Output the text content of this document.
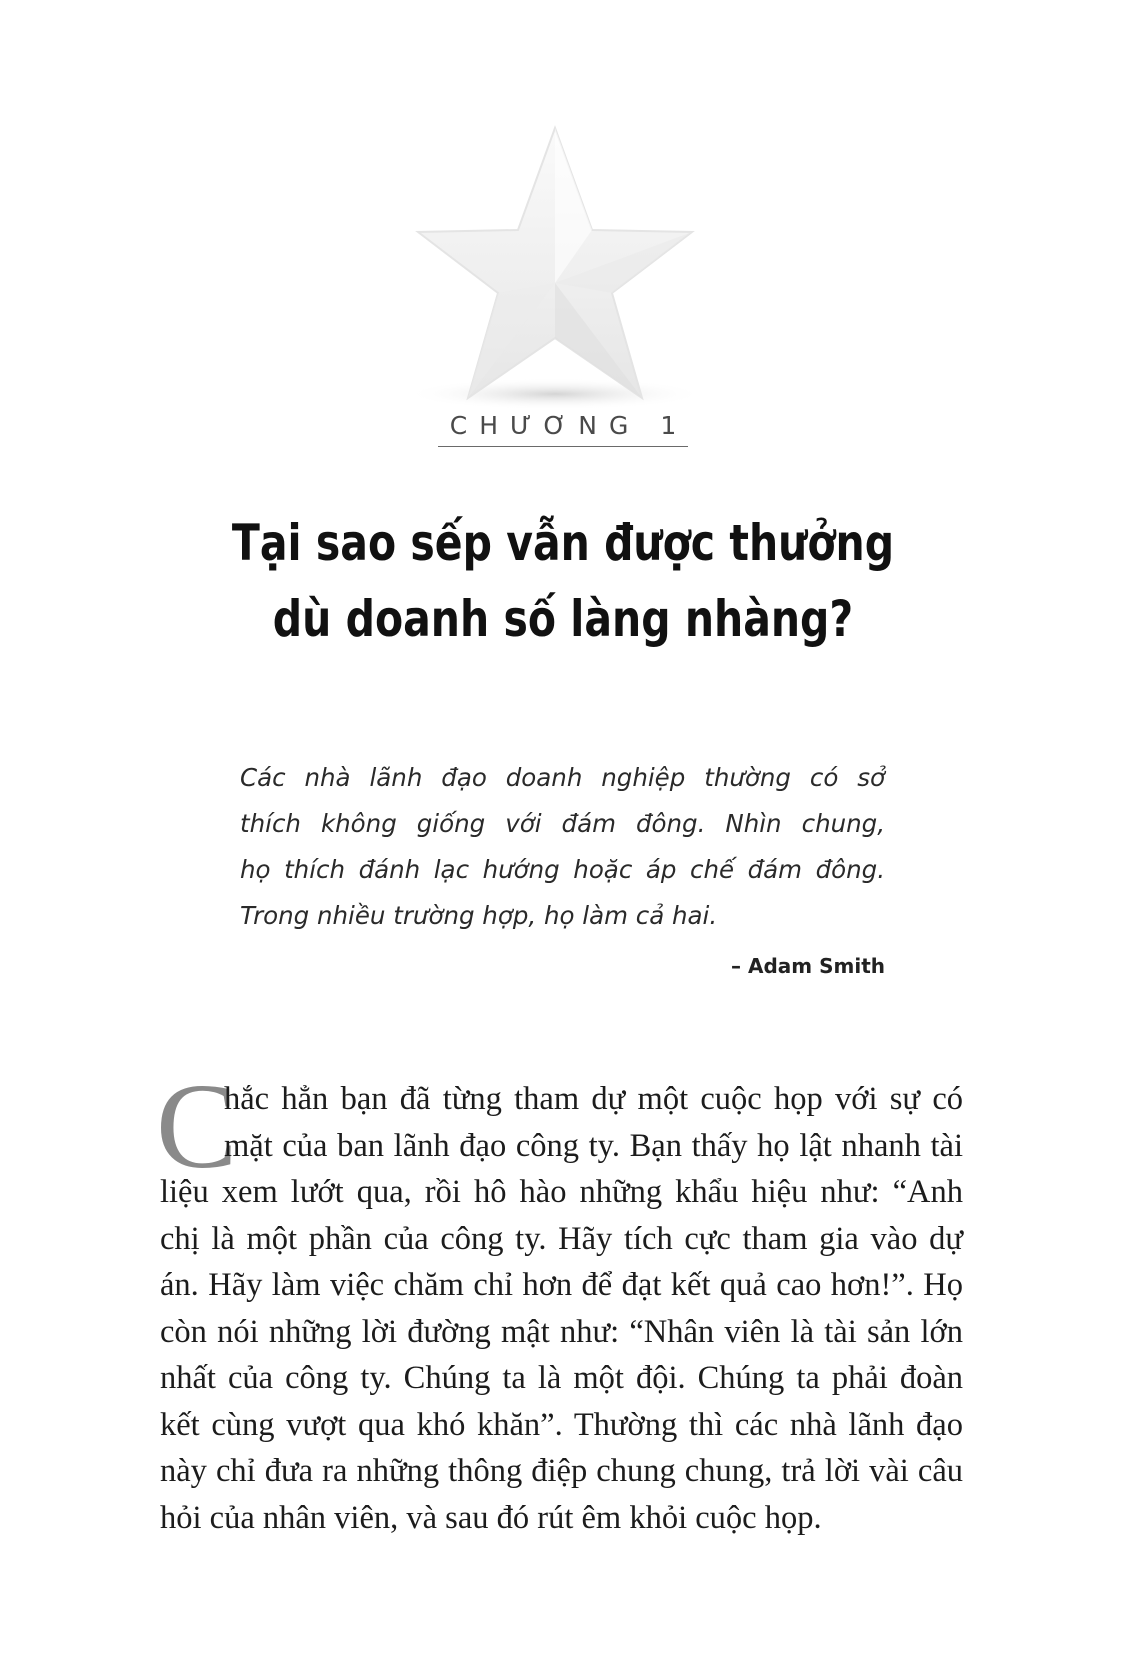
CHƯƠNG 1
Tại sao sếp vẫn được thưởng
dù doanh số làng nhàng?
Các nhà lãnh đạo doanh nghiệp thường có sở
thích không giống với đám đông. Nhìn chung,
họ thích đánh lạc hướng hoặc áp chế đám đông.
Trong nhiều trường hợp, họ làm cả hai.
– Adam Smith
C
hắc hẳn bạn đã từng tham dự một cuộc họp với sự có
mặt của ban lãnh đạo công ty. Bạn thấy họ lật nhanh tài
liệu xem lướt qua, rồi hô hào những khẩu hiệu như: “Anh
chị là một phần của công ty. Hãy tích cực tham gia vào dự
án. Hãy làm việc chăm chỉ hơn để đạt kết quả cao hơn!”. Họ
còn nói những lời đường mật như: “Nhân viên là tài sản lớn
nhất của công ty. Chúng ta là một đội. Chúng ta phải đoàn
kết cùng vượt qua khó khăn”. Thường thì các nhà lãnh đạo
này chỉ đưa ra những thông điệp chung chung, trả lời vài câu
hỏi của nhân viên, và sau đó rút êm khỏi cuộc họp.
